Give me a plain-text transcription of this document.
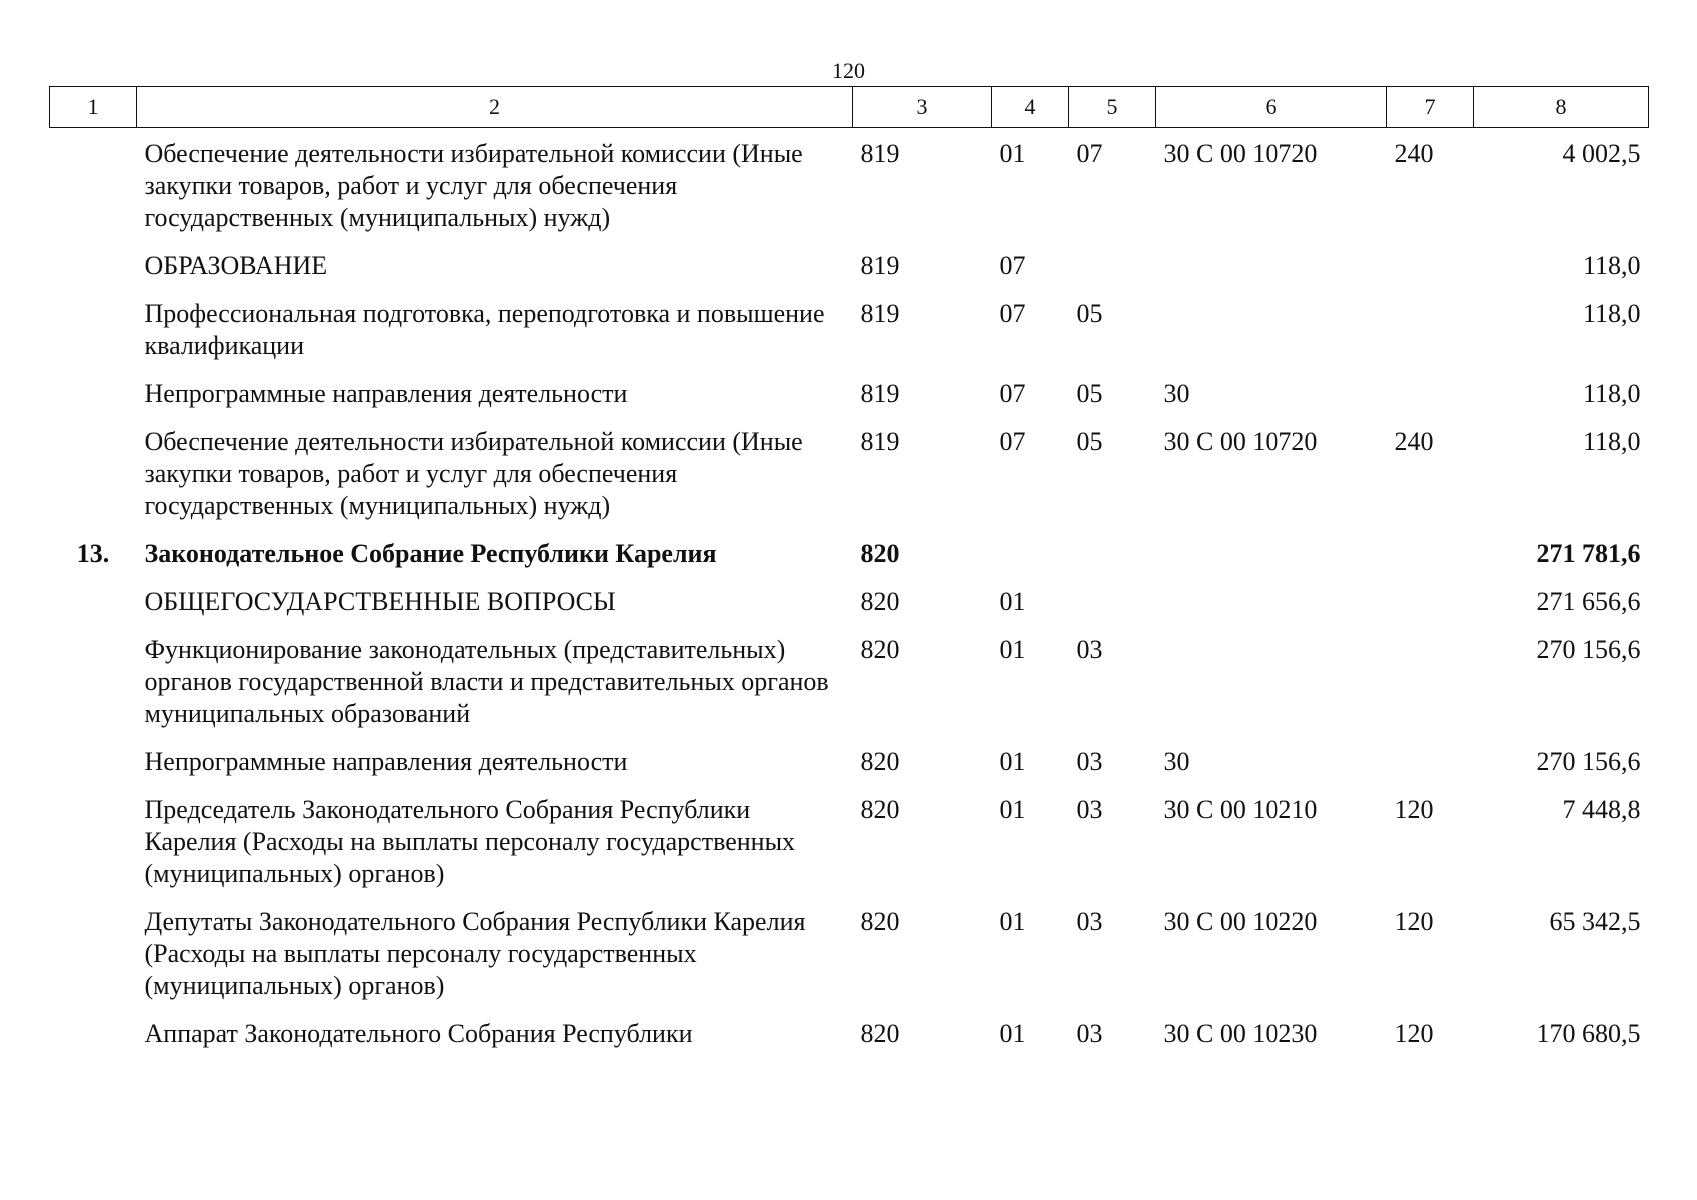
120
1	2	3	4	5	6	7	8
	Обеспечение деятельности избирательной комиссии (Иные закупки товаров, работ и услуг для обеспечения государственных (муниципальных) нужд)	819	01	07	30 С 00 10720	240	4 002,5
	ОБРАЗОВАНИЕ	819	07				118,0
	Профессиональная подготовка, переподготовка и повышение квалификации	819	07	05			118,0
	Непрограммные направления деятельности	819	07	05	30		118,0
	Обеспечение деятельности избирательной комиссии (Иные закупки товаров, работ и услуг для обеспечения государственных (муниципальных) нужд)	819	07	05	30 С 00 10720	240	118,0
13.	Законодательное Собрание Республики Карелия	820					271 781,6
	ОБЩЕГОСУДАРСТВЕННЫЕ ВОПРОСЫ	820	01				271 656,6
	Функционирование законодательных (представительных) органов государственной власти и представительных органов муниципальных образований	820	01	03			270 156,6
	Непрограммные направления деятельности	820	01	03	30		270 156,6
	Председатель Законодательного Собрания Республики Карелия (Расходы на выплаты персоналу государственных (муниципальных) органов)	820	01	03	30 С 00 10210	120	7 448,8
	Депутаты Законодательного Собрания Республики Карелия (Расходы на выплаты персоналу государственных (муниципальных) органов)	820	01	03	30 С 00 10220	120	65 342,5
	Аппарат Законодательного Собрания Республики	820	01	03	30 С 00 10230	120	170 680,5
